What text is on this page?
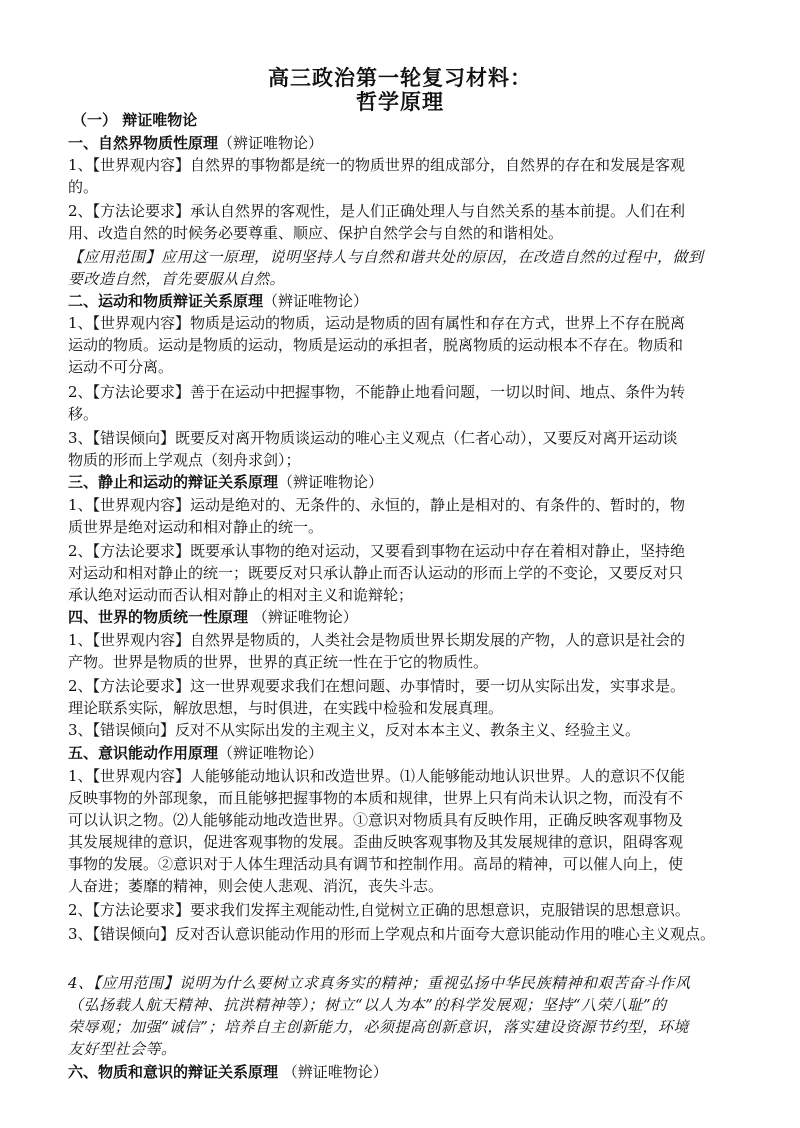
高三政治第一轮复习材料：
哲学原理
（一） 辩证唯物论
一、自然界物质性原理（辨证唯物论）
1、【世界观内容】自然界的事物都是统一的物质世界的组成部分，自然界的存在和发展是客观
的。
2、【方法论要求】承认自然界的客观性，是人们正确处理人与自然关系的基本前提。人们在利
用、改造自然的时候务必要尊重、顺应、保护自然学会与自然的和谐相处。
【应用范围】应用这一原理，说明坚持人与自然和谐共处的原因，在改造自然的过程中，做到
要改造自然，首先要服从自然。
二、运动和物质辩证关系原理（辨证唯物论）
1、【世界观内容】物质是运动的物质，运动是物质的固有属性和存在方式，世界上不存在脱离
运动的物质。运动是物质的运动，物质是运动的承担者，脱离物质的运动根本不存在。物质和
运动不可分离。
2、【方法论要求】善于在运动中把握事物，不能静止地看问题，一切以时间、地点、条件为转
移。
3、【错误倾向】既要反对离开物质谈运动的唯心主义观点（仁者心动），又要反对离开运动谈
物质的形而上学观点（刻舟求剑）；
三、静止和运动的辩证关系原理（辨证唯物论）
1、【世界观内容】运动是绝对的、无条件的、永恒的，静止是相对的、有条件的、暂时的，物
质世界是绝对运动和相对静止的统一。
2、【方法论要求】既要承认事物的绝对运动，又要看到事物在运动中存在着相对静止，坚持绝
对运动和相对静止的统一；既要反对只承认静止而否认运动的形而上学的不变论，又要反对只
承认绝对运动而否认相对静止的相对主义和诡辩轮；
四、世界的物质统一性原理 （辨证唯物论）
1、【世界观内容】自然界是物质的，人类社会是物质世界长期发展的产物，人的意识是社会的
产物。世界是物质的世界，世界的真正统一性在于它的物质性。
2、【方法论要求】这一世界观要求我们在想问题、办事情时，要一切从实际出发，实事求是。
理论联系实际，解放思想，与时俱进，在实践中检验和发展真理。
3、【错误倾向】反对不从实际出发的主观主义，反对本本主义、教条主义、经验主义。
五、意识能动作用原理（辨证唯物论）
1、【世界观内容】人能够能动地认识和改造世界。⑴人能够能动地认识世界。人的意识不仅能
反映事物的外部现象，而且能够把握事物的本质和规律，世界上只有尚未认识之物，而没有不
可以认识之物。⑵人能够能动地改造世界。①意识对物质具有反映作用，正确反映客观事物及
其发展规律的意识，促进客观事物的发展。歪曲反映客观事物及其发展规律的意识，阻碍客观
事物的发展。②意识对于人体生理活动具有调节和控制作用。高昂的精神，可以催人向上，使
人奋进；萎靡的精神，则会使人悲观、消沉，丧失斗志。
2、【方法论要求】要求我们发挥主观能动性,自觉树立正确的思想意识，克服错误的思想意识。
3、【错误倾向】反对否认意识能动作用的形而上学观点和片面夸大意识能动作用的唯心主义观点。
4、【应用范围】说明为什么要树立求真务实的精神；重视弘扬中华民族精神和艰苦奋斗作风
（弘扬载人航天精神、抗洪精神等）；树立“以人为本”的科学发展观；坚持“八荣八耻”的
荣辱观；加强“诚信”；培养自主创新能力，必须提高创新意识，落实建设资源节约型，环境
友好型社会等。
六、物质和意识的辩证关系原理 （辨证唯物论）
